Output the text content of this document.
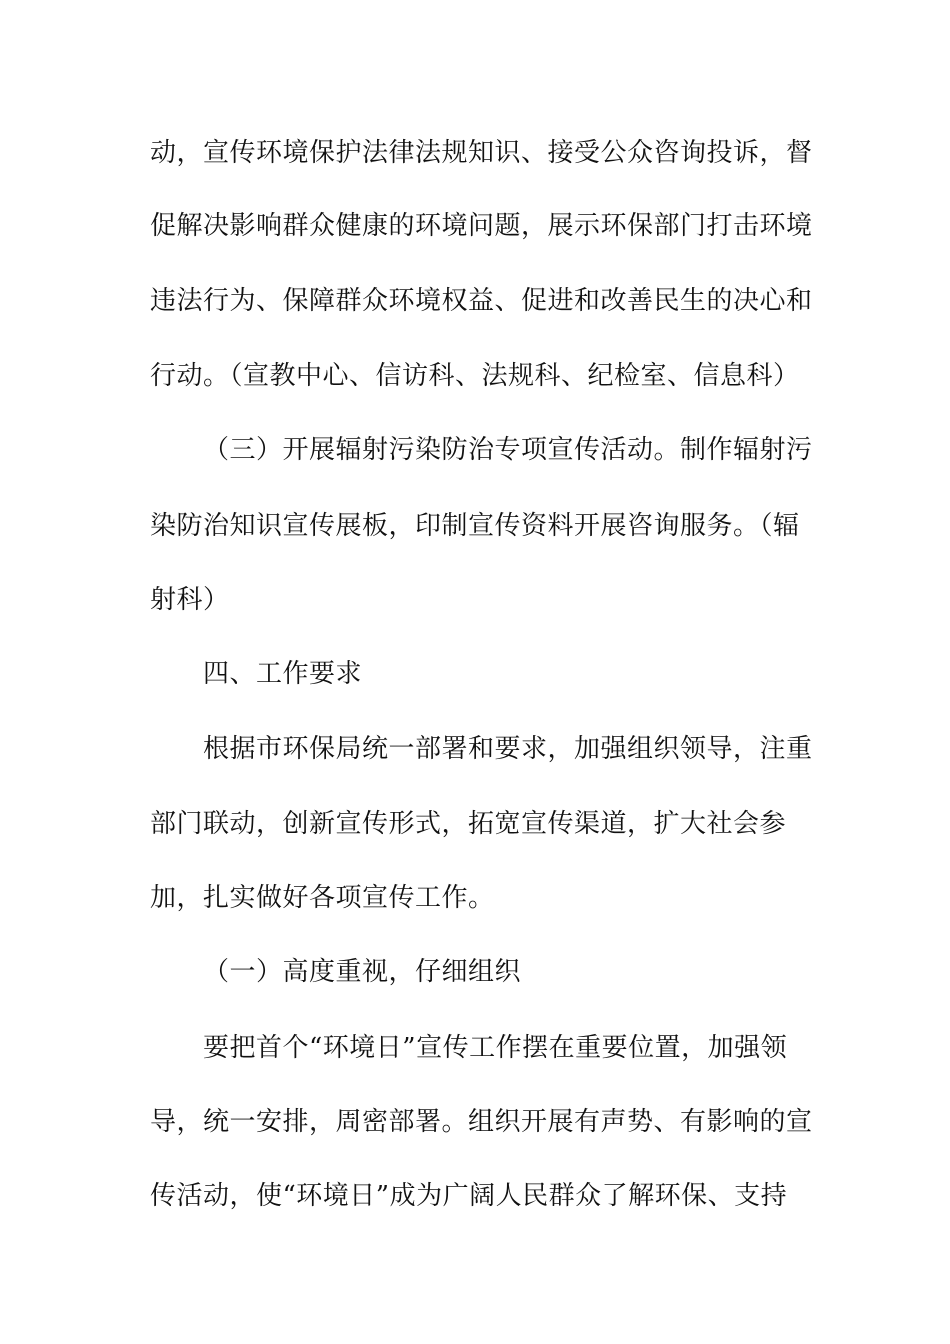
动，宣传环境保护法律法规知识、接受公众咨询投诉，督
促解决影响群众健康的环境问题，展示环保部门打击环境
违法行为、保障群众环境权益、促进和改善民生的决心和
行动。（宣教中心、信访科、法规科、纪检室、信息科）
（三）开展辐射污染防治专项宣传活动。制作辐射污
染防治知识宣传展板，印制宣传资料开展咨询服务。（辐
射科）
四、工作要求
根据市环保局统一部署和要求，加强组织领导，注重
部门联动，创新宣传形式，拓宽宣传渠道，扩大社会参
加，扎实做好各项宣传工作。
（一）高度重视，仔细组织
要把首个“环境日”宣传工作摆在重要位置，加强领
导，统一安排，周密部署。组织开展有声势、有影响的宣
传活动，使“环境日”成为广阔人民群众了解环保、支持
